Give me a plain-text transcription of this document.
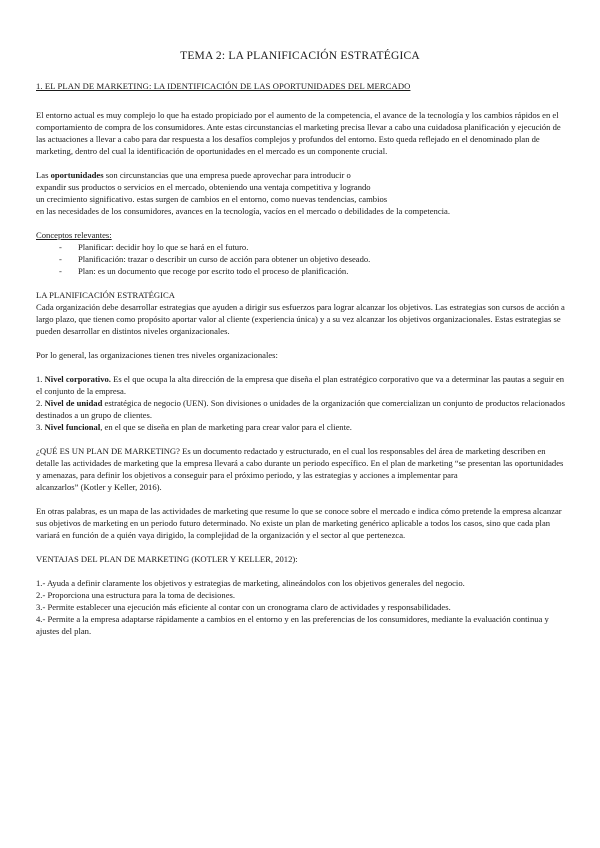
TEMA 2: LA PLANIFICACIÓN ESTRATÉGICA
1. EL PLAN DE MARKETING: LA IDENTIFICACIÓN DE LAS OPORTUNIDADES DEL MERCADO

El entorno actual es muy complejo lo que ha estado propiciado por el aumento de la competencia, el avance de la tecnología y los cambios rápidos en el comportamiento de compra de los consumidores. Ante estas circunstancias el marketing precisa llevar a cabo una cuidadosa planificación y ejecución de las actuaciones a llevar a cabo para dar respuesta a los desafíos complejos y profundos del entorno. Esto queda reflejado en el denominado plan de marketing, dentro del cual la identificación de oportunidades en el mercado es un componente crucial.

Las oportunidades son circunstancias que una empresa puede aprovechar para introducir o
expandir sus productos o servicios en el mercado, obteniendo una ventaja competitiva y logrando
un crecimiento significativo. estas surgen de cambios en el entorno, como nuevas tendencias, cambios
en las necesidades de los consumidores, avances en la tecnología, vacíos en el mercado o debilidades de la competencia.
Conceptos relevantes:
- Planificar: decidir hoy lo que se hará en el futuro.
- Planificación: trazar o describir un curso de acción para obtener un objetivo deseado.
- Plan: es un documento que recoge por escrito todo el proceso de planificación.
LA PLANIFICACIÓN ESTRATÉGICA

Cada organización debe desarrollar estrategias que ayuden a dirigir sus esfuerzos para lograr alcanzar los objetivos. Las estrategias son cursos de acción a largo plazo, que tienen como propósito aportar valor al cliente (experiencia única) y a su vez alcanzar los objetivos organizacionales. Estas estrategias se pueden desarrollar en distintos niveles organizacionales.

Por lo general, las organizaciones tienen tres niveles organizacionales:

1. Nivel corporativo. Es el que ocupa la alta dirección de la empresa que diseña el plan estratégico corporativo que va a determinar las pautas a seguir en el conjunto de la empresa.

2. Nivel de unidad estratégica de negocio (UEN). Son divisiones o unidades de la organización que comercializan un conjunto de productos relacionados destinados a un grupo de clientes.

3. Nivel funcional, en el que se diseña en plan de marketing para crear valor para el cliente.

¿QUÉ ES UN PLAN DE MARKETING? Es un documento redactado y estructurado, en el cual los responsables del área de marketing describen en detalle las actividades de marketing que la empresa llevará a cabo durante un periodo específico. En el plan de marketing “se presentan las oportunidades y amenazas, para definir los objetivos a conseguir para el próximo periodo, y las estrategias y acciones a implementar para

alcanzarlos” (Kotler y Keller, 2016).

En otras palabras, es un mapa de las actividades de marketing que resume lo que se conoce sobre el mercado e indica cómo pretende la empresa alcanzar sus objetivos de marketing en un periodo futuro determinado. No existe un plan de marketing genérico aplicable a todos los casos, sino que cada plan variará en función de a quién vaya dirigido, la complejidad de la organización y el sector al que pertenezca.

VENTAJAS DEL PLAN DE MARKETING (KOTLER Y KELLER, 2012):

1.- Ayuda a definir claramente los objetivos y estrategias de marketing, alineándolos con los objetivos generales del negocio.

2.- Proporciona una estructura para la toma de decisiones.

3.- Permite establecer una ejecución más eficiente al contar con un cronograma claro de actividades y responsabilidades.

4.- Permite a la empresa adaptarse rápidamente a cambios en el entorno y en las preferencias de los consumidores, mediante la evaluación continua y ajustes del plan.
